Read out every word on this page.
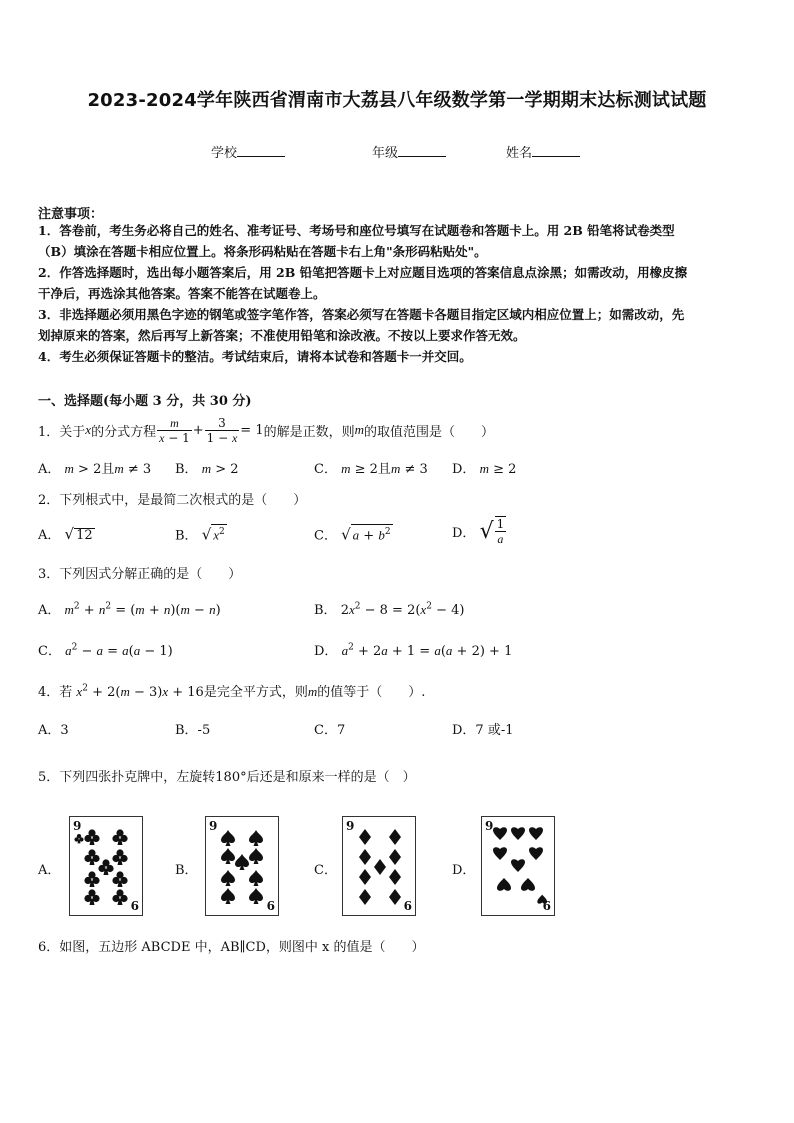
2023-2024学年陕西省渭南市大荔县八年级数学第一学期期末达标测试试题
学校	年级	姓名
注意事项：
1．答卷前，考生务必将自己的姓名、准考证号、考场号和座位号填写在试题卷和答题卡上。用 2B 铅笔将试卷类型
（B）填涂在答题卡相应位置上。将条形码粘贴在答题卡右上角"条形码粘贴处"。
2．作答选择题时，选出每小题答案后，用 2B 铅笔把答题卡上对应题目选项的答案信息点涂黑；如需改动，用橡皮擦
干净后，再选涂其他答案。答案不能答在试题卷上。
3．非选择题必须用黑色字迹的钢笔或签字笔作答，答案必须写在答题卡各题目指定区域内相应位置上；如需改动，先
划掉原来的答案，然后再写上新答案；不准使用铅笔和涂改液。不按以上要求作答无效。
4．考生必须保证答题卡的整洁。考试结束后，请将本试卷和答题卡一并交回。
一、选择题(每小题 3 分，共 30 分)
1．关于 x 的分式方程 $\frac{m}{x - 1} + \frac{3}{1 - x} = 1$ 的解是正数，则 m 的取值范围是（　　）
A． m > 2且m ≠ 3 B． m > 2	C． m ≥ 2且m ≠ 3 D． m ≥ 2
2．下列根式中，是最简二次根式的是（　　）
A． √ 12	B． √ $x^2$	C． √ $a + b^2$	D．
√ $\frac{1}{a}$
3．下列因式分解正确的是（　　）
A． $m^2 + n^2 = (m + n)(m - n)$	B． $2x^2 - 8 = 2(x^2 - 4)$
C． $a^2 - a = a(a - 1)$	D． $a^2 + 2a + 1 = a(a + 2) + 1$
4．若 $x^2 + 2(m - 3)x + 16$是完全平方式，则m的值等于（　　）.
A．3	B．-5	C．7	D．7 或-1
5．下列四张扑克牌中，左旋转180°后还是和原来一样的是（　）
A．	B．	C．	D．
9
6
9
6
9
6
9
6
6．如图，五边形 ABCDE 中，AB∥CD，则图中 x 的值是（　　）
